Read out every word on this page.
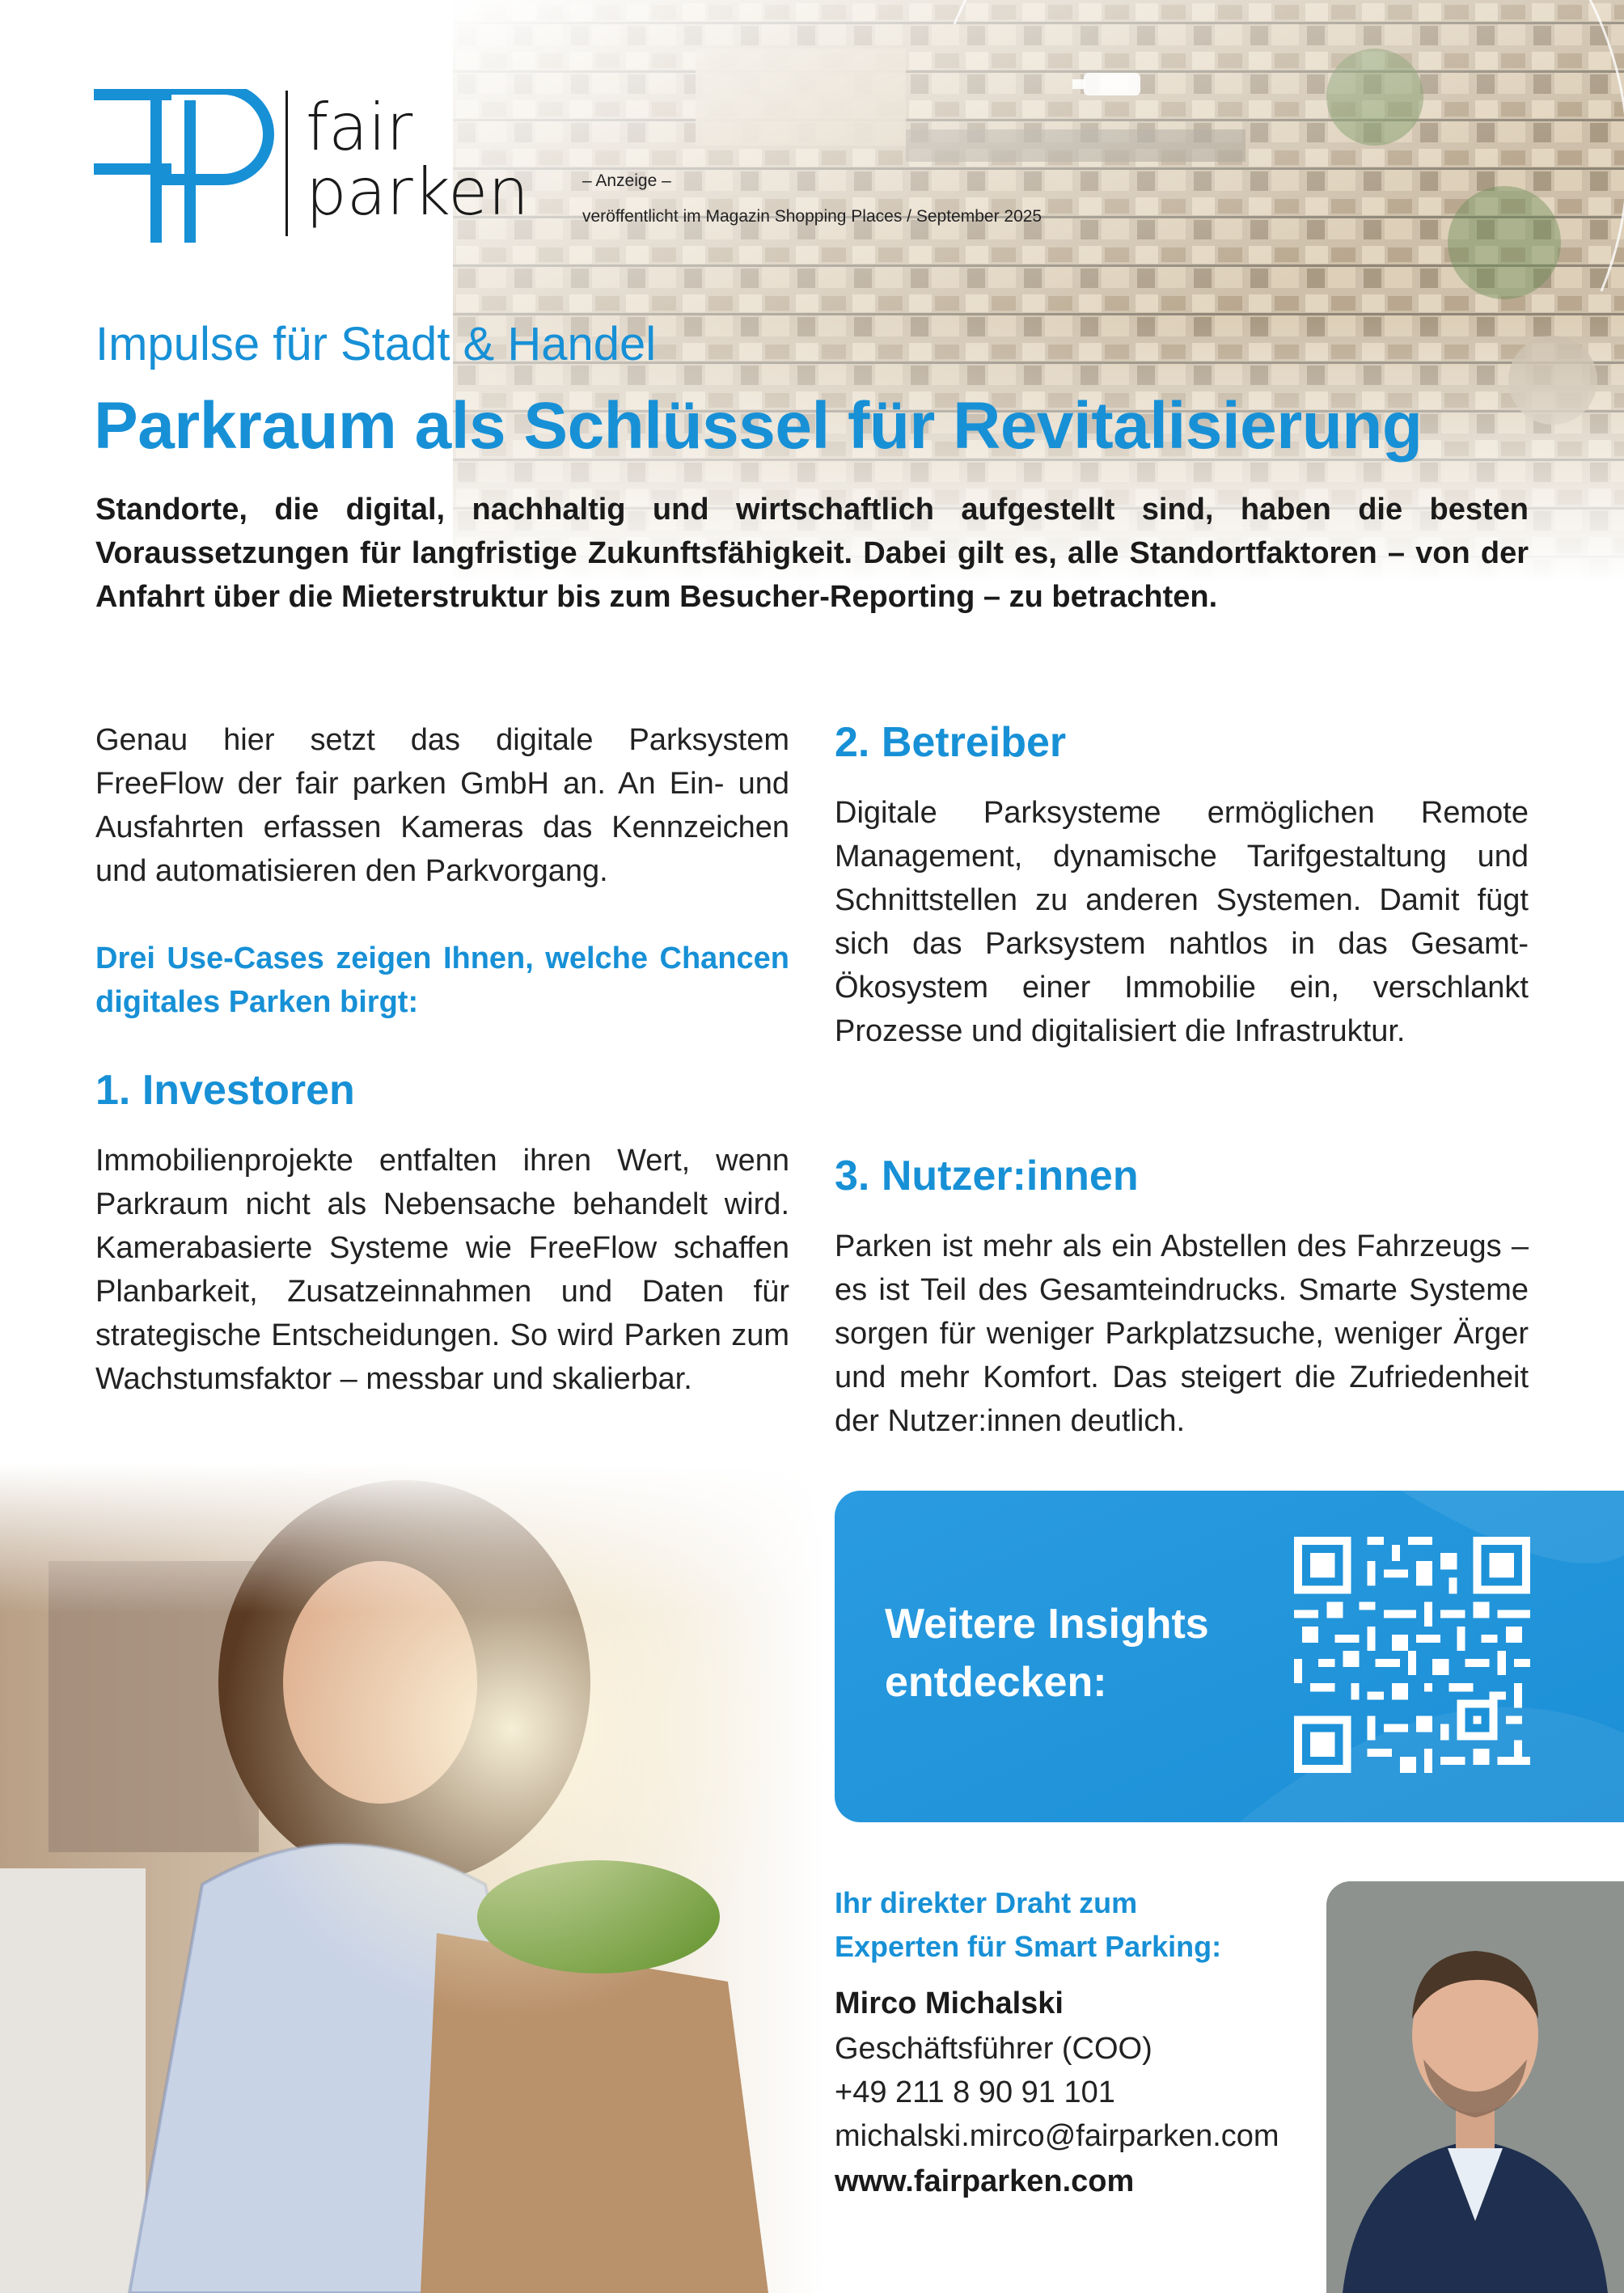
fair
parken	– Anzeige –
veröffentlicht im Magazin Shopping Places / September 2025
Impulse für Stadt & Handel
Parkraum als Schlüssel für Revitalisierung
Standorte, die digital, nachhaltig und wirtschaftlich aufgestellt sind, haben die besten Voraussetzungen für langfristige Zukunftsfähigkeit. Dabei gilt es, alle Standortfaktoren – von der Anfahrt über die Mieterstruktur bis zum Besucher-Reporting – zu betrachten.
Genau hier setzt das digitale Parksystem FreeFlow der fair parken GmbH an. An Ein- und Ausfahrten erfassen Kameras das Kennzeichen und automatisieren den Parkvorgang.
Drei Use-Cases zeigen Ihnen, welche Chancen digitales Parken birgt:
1. Investoren
Immobilienprojekte entfalten ihren Wert, wenn Parkraum nicht als Nebensache behandelt wird. Kamerabasierte Systeme wie FreeFlow schaffen Planbarkeit, Zusatzeinnahmen und Daten für strategische Entscheidungen. So wird Parken zum Wachstumsfaktor – messbar und skalierbar.
2. Betreiber
Digitale Parksysteme ermöglichen Remote Management, dynamische Tarifgestaltung und Schnittstellen zu anderen Systemen. Damit fügt sich das Parksystem nahtlos in das Gesamt-Ökosystem einer Immobilie ein, verschlankt Prozesse und digitalisiert die Infrastruktur.
3. Nutzer:innen
Parken ist mehr als ein Abstellen des Fahrzeugs – es ist Teil des Gesamteindrucks. Smarte Systeme sorgen für weniger Parkplatzsuche, weniger Ärger und mehr Komfort. Das steigert die Zufriedenheit der Nutzer:innen deutlich.
Weitere Insights
entdecken:
Ihr direkter Draht zum
Experten für Smart Parking:
Mirco Michalski
Geschäftsführer (COO)
+49 211 8 90 91 101
michalski.mirco@fairparken.com
www.fairparken.com
